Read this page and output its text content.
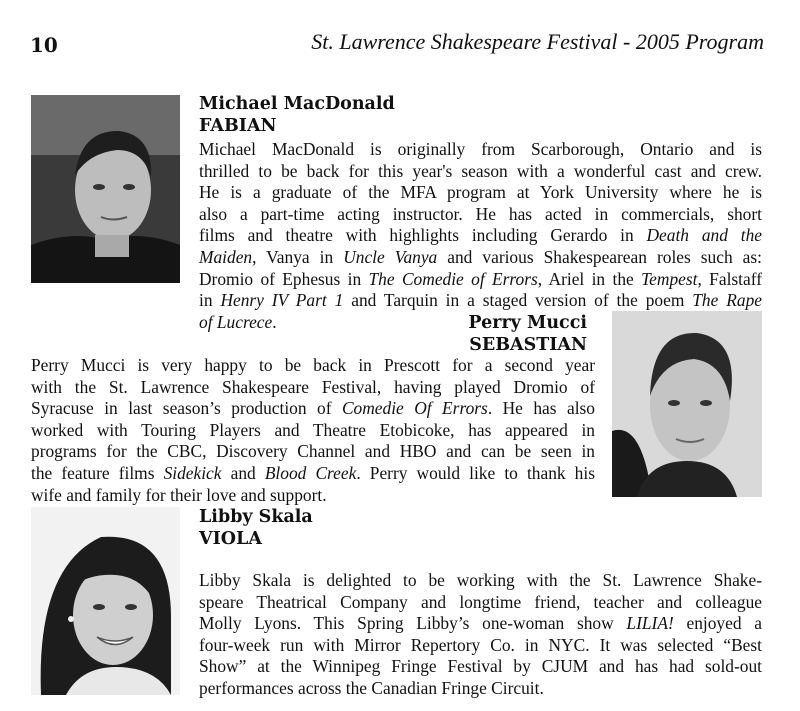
10	St. Lawrence Shakespeare Festival - 2005 Program
Michael MacDonald
FABIAN
Michael MacDonald is originally from Scarborough, Ontario and is
thrilled to be back for this year's season with a wonderful cast and crew.
He is a graduate of the MFA program at York University where he is
also a part-time acting instructor. He has acted in commercials, short
films and theatre with highlights including Gerardo in Death and the
Maiden, Vanya in Uncle Vanya and various Shakespearean roles such as:
Dromio of Ephesus in The Comedie of Errors, Ariel in the Tempest, Falstaff
in Henry IV Part 1 and Tarquin in a staged version of the poem The Rape
of Lucrece.	Perry Mucci
SEBASTIAN
Perry Mucci is very happy to be back in Prescott for a second year
with the St. Lawrence Shakespeare Festival, having played Dromio of
Syracuse in last season’s production of Comedie Of Errors. He has also
worked with Touring Players and Theatre Etobicoke, has appeared in
programs for the CBC, Discovery Channel and HBO and can be seen in
the feature films Sidekick and Blood Creek. Perry would like to thank his
wife and family for their love and support.
Libby Skala
VIOLA
Libby Skala is delighted to be working with the St. Lawrence Shake-
speare Theatrical Company and longtime friend, teacher and colleague
Molly Lyons. This Spring Libby’s one-woman show LILIA! enjoyed a
four-week run with Mirror Repertory Co. in NYC. It was selected “Best
Show” at the Winnipeg Fringe Festival by CJUM and has had sold-out
performances across the Canadian Fringe Circuit.
